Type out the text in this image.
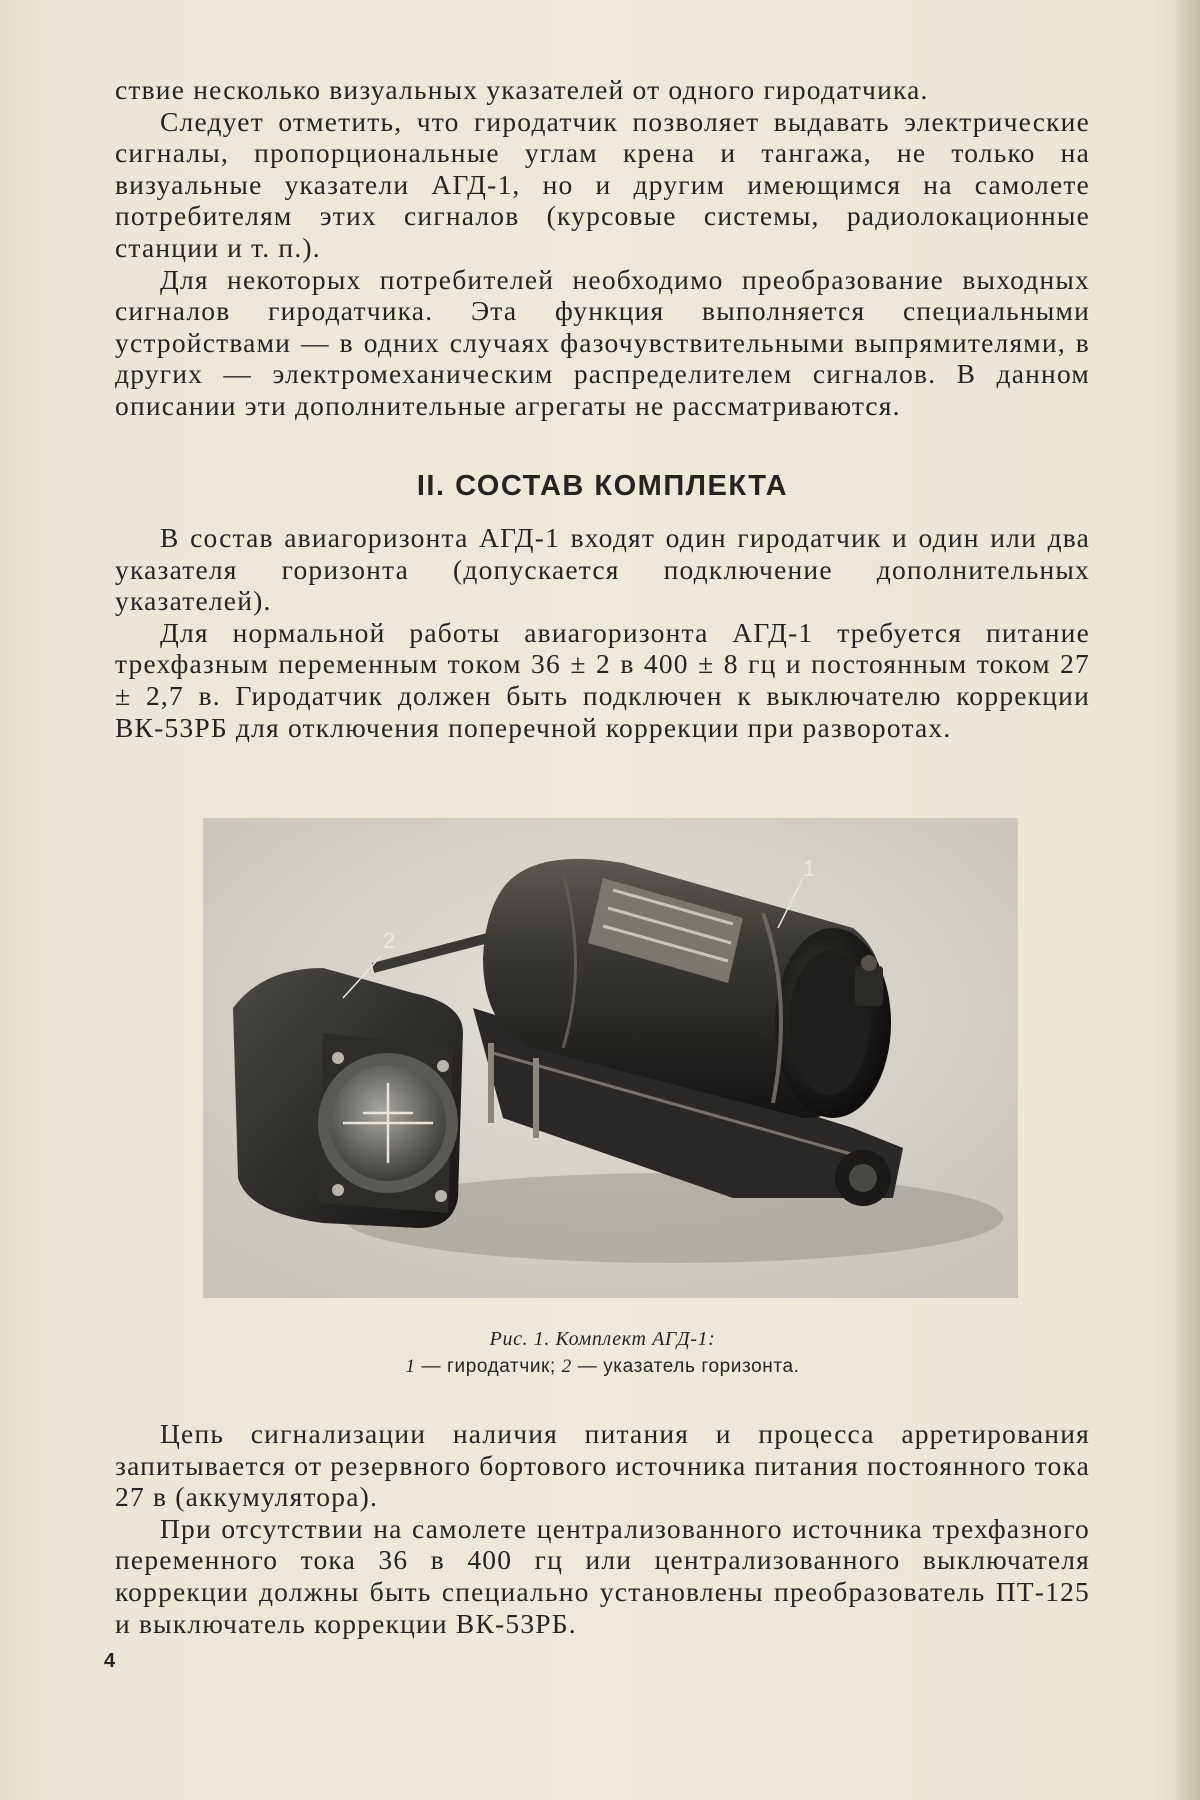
ствие несколько визуальных указателей от одного гиродатчика.

Следует отметить, что гиродатчик позволяет выдавать электрические сигналы, пропорциональные углам крена и тангажа, не только на визуальные указатели АГД-1, но и другим имеющимся на самолете потребителям этих сигналов (курсовые системы, радиолокационные станции и т. п.).

Для некоторых потребителей необходимо преобразование выходных сигналов гиродатчика. Эта функция выполняется специальными устройствами — в одних случаях фазочувствительными выпрямителями, в других — электромеханическим распределителем сигналов. В данном описании эти дополнительные агрегаты не рассматриваются.

II. СОСТАВ КОМПЛЕКТА

В состав авиагоризонта АГД-1 входят один гиродатчик и один или два указателя горизонта (допускается подключение дополнительных указателей).

Для нормальной работы авиагоризонта АГД-1 требуется питание трехфазным переменным током 36 ± 2 в 400 ± 8 гц и постоянным током 27 ± 2,7 в. Гиродатчик должен быть подключен к выключателю коррекции ВК-53РБ для отключения поперечной коррекции при разворотах.

1
2
Рис. 1. Комплект АГД-1:
1 — гиродатчик; 2 — указатель горизонта.

Цепь сигнализации наличия питания и процесса арретирования запитывается от резервного бортового источника питания постоянного тока 27 в (аккумулятора).

При отсутствии на самолете централизованного источника трехфазного переменного тока 36 в 400 гц или централизованного выключателя коррекции должны быть специально установлены преобразователь ПТ-125 и выключатель коррекции ВК-53РБ.

4
